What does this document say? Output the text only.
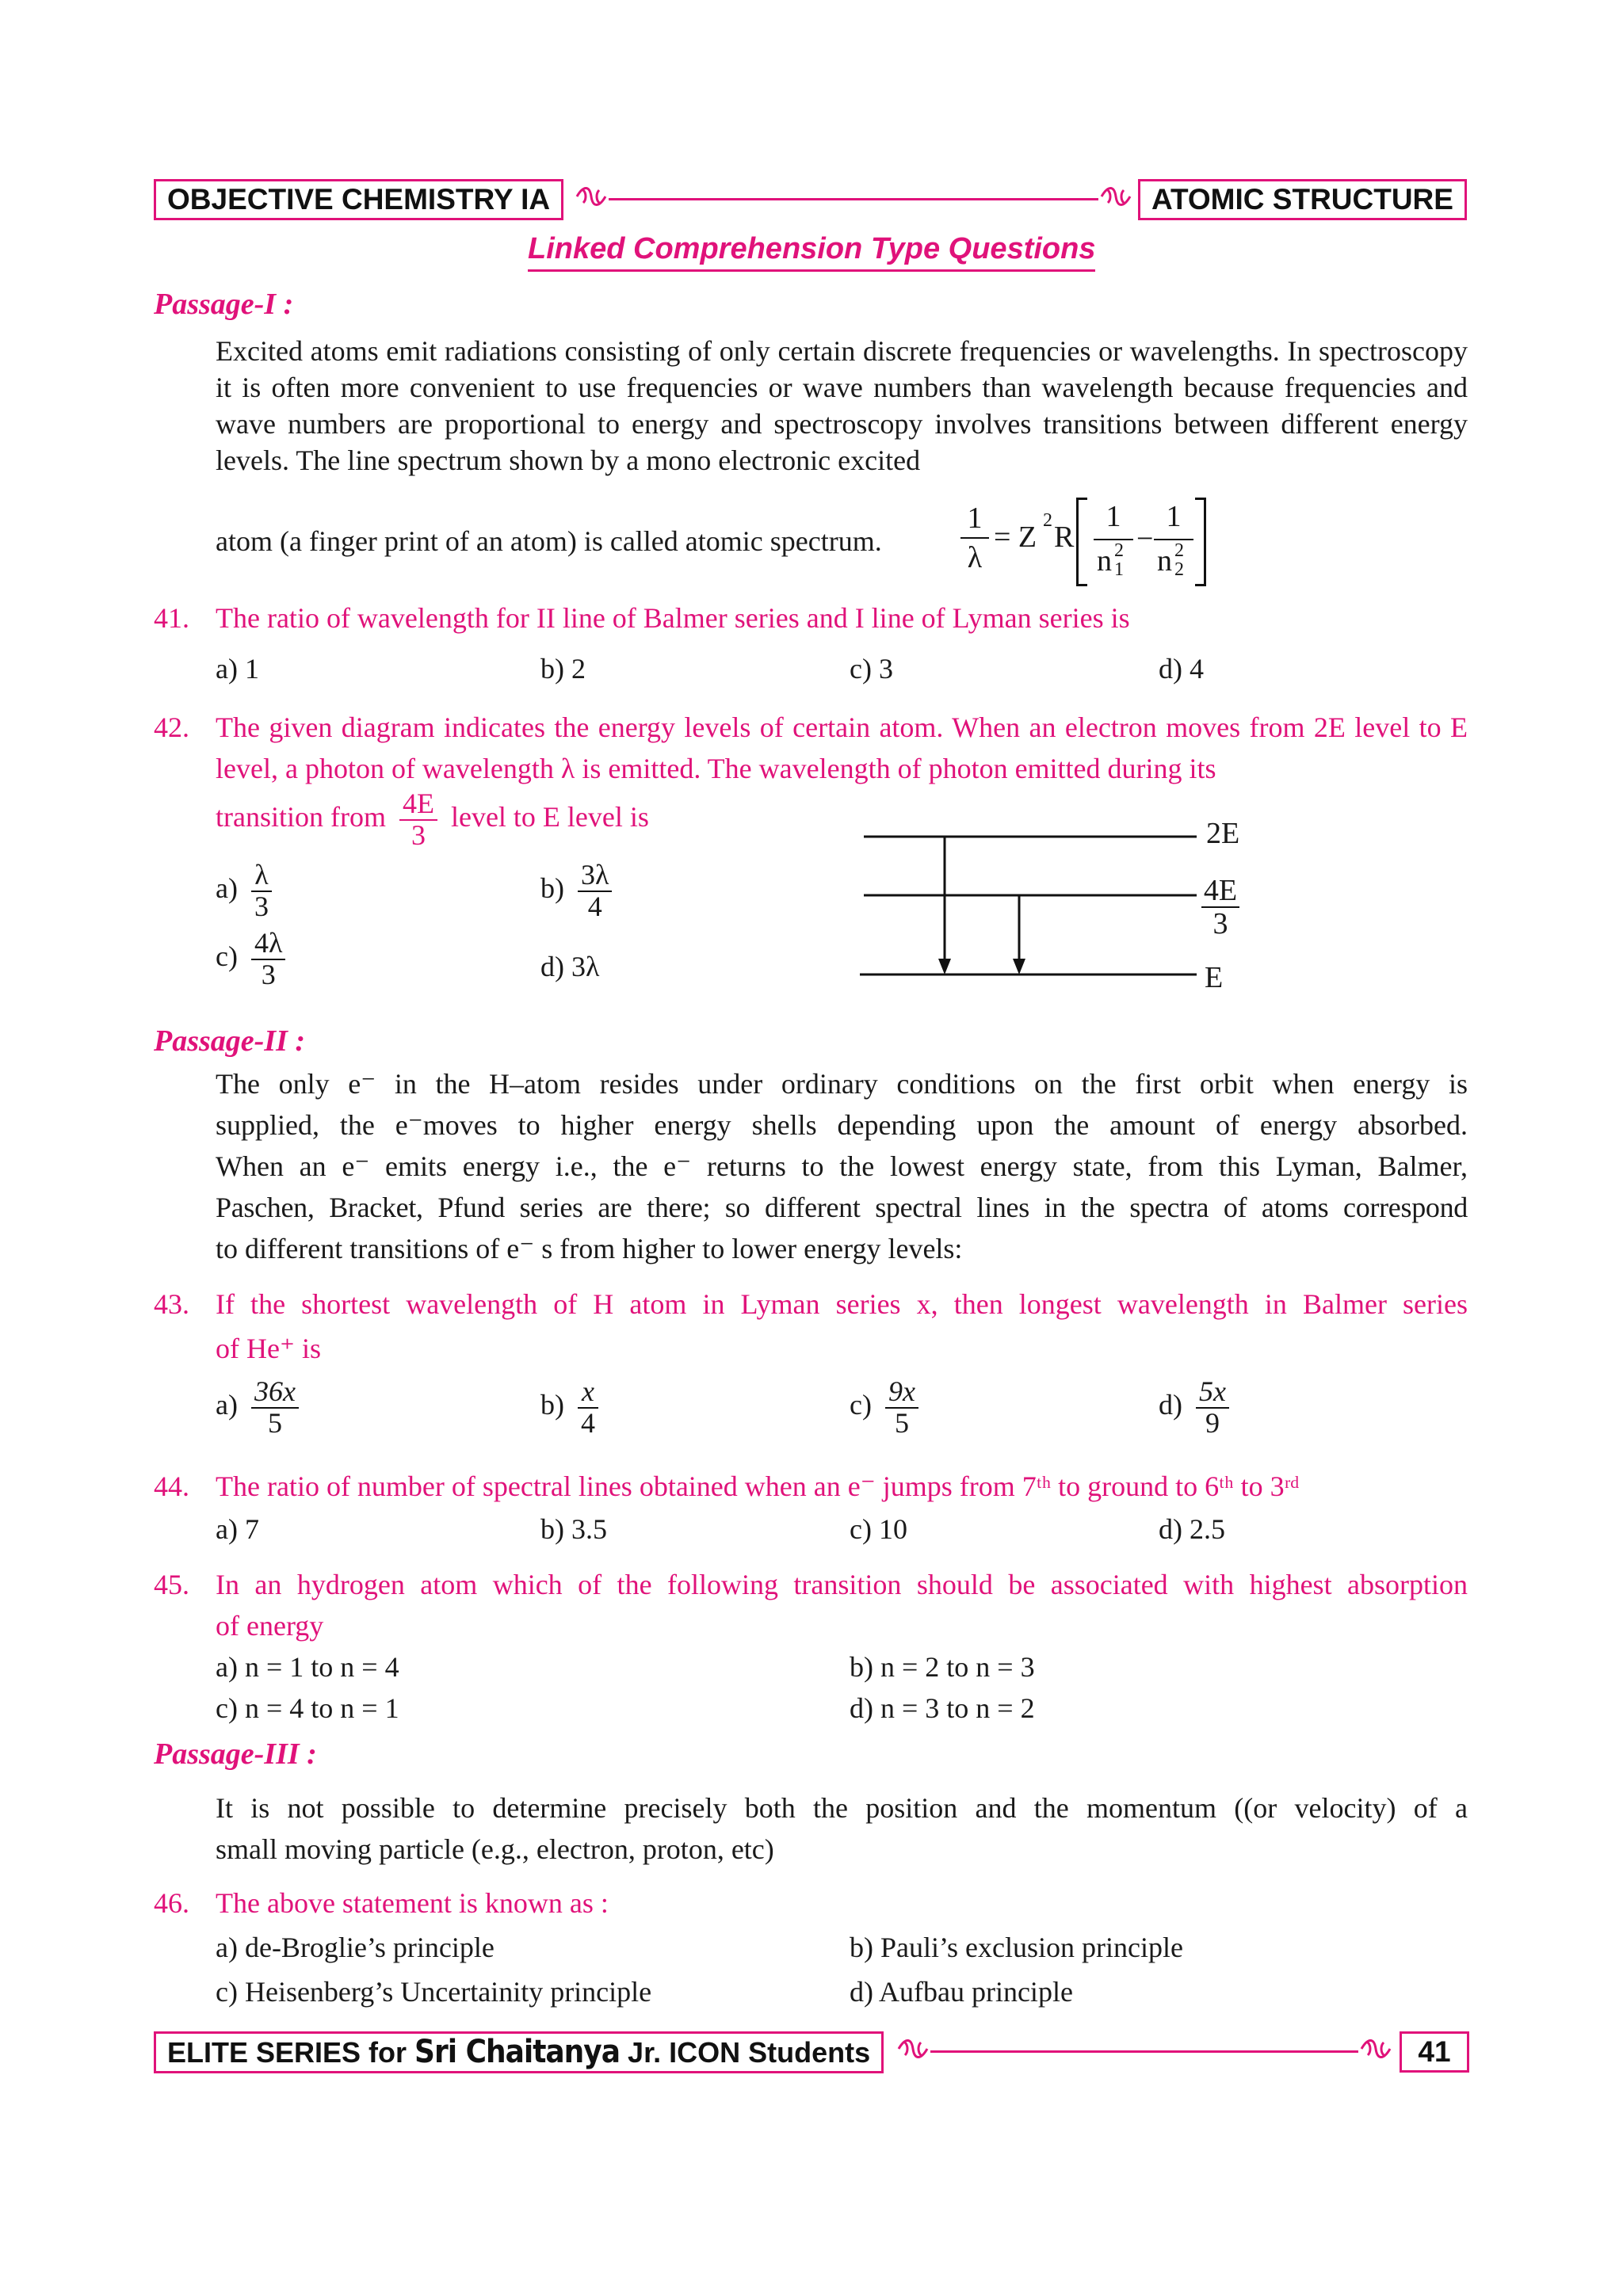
OBJECTIVE CHEMISTRY IA	ATOMIC STRUCTURE
Linked Comprehension Type Questions
Passage-I :
Excited atoms emit radiations consisting of only certain discrete frequencies or wavelengths. In spectroscopy it is often more convenient to use frequencies or wave numbers than wavelength because frequencies and wave numbers are proportional to energy and spectroscopy involves transitions between different energy levels. The line spectrum shown by a mono electronic excited
atom (a finger print of an atom) is called atomic spectrum.
1
λ
= Z 2 R
1
n 2
1
−
1
n 2
2
41. The ratio of wavelength for II line of Balmer series and I line of Lyman series is
a) 1	b) 2	c) 3	d) 4
42. The given diagram indicates the energy levels of certain atom. When an electron moves from 2E level to E level, a photon of wavelength λ is emitted. The wavelength of photon emitted during its
transition from $\frac{4E}{3}$ level to E level is
$a) \frac{\lambda}{3}$	$b) \frac{3\lambda}{4}$
$c) \frac{4\lambda}{3}$	d) 3λ
2E
$\frac{4E}{3}$
E
Passage-II :
The only e⁻ in the H–atom resides under ordinary conditions on the first orbit when energy is
supplied, the e⁻moves to higher energy shells depending upon the amount of energy absorbed.
When an e⁻ emits energy i.e., the e⁻ returns to the lowest energy state, from this Lyman, Balmer,
Paschen, Bracket, Pfund series are there; so different spectral lines in the spectra of atoms correspond
to different transitions of e⁻ s from higher to lower energy levels:
43. If the shortest wavelength of H atom in Lyman series x, then longest wavelength in Balmer series
of He⁺ is
$a) \frac{36x}{5}$	$b) \frac{x}{4}$	$c) \frac{9x}{5}$	$d) \frac{5x}{9}$
44. The ratio of number of spectral lines obtained when an e⁻ jumps from 7ᵗʰ to ground to 6ᵗʰ to 3ʳᵈ
a) 7	b) 3.5	c) 10	d) 2.5
45. In an hydrogen atom which of the following transition should be associated with highest absorption
of energy
a) n = 1 to n = 4	b) n = 2 to n = 3
c) n = 4 to n = 1	d) n = 3 to n = 2
Passage-III :
It is not possible to determine precisely both the position and the momentum ((or velocity) of a
small moving particle (e.g., electron, proton, etc)
46. The above statement is known as :
a) de-Broglie’s principle	b) Pauli’s exclusion principle
c) Heisenberg’s Uncertainity principle	d) Aufbau principle
ELITE SERIES for Sri Chaitanya Jr. ICON Students	41
